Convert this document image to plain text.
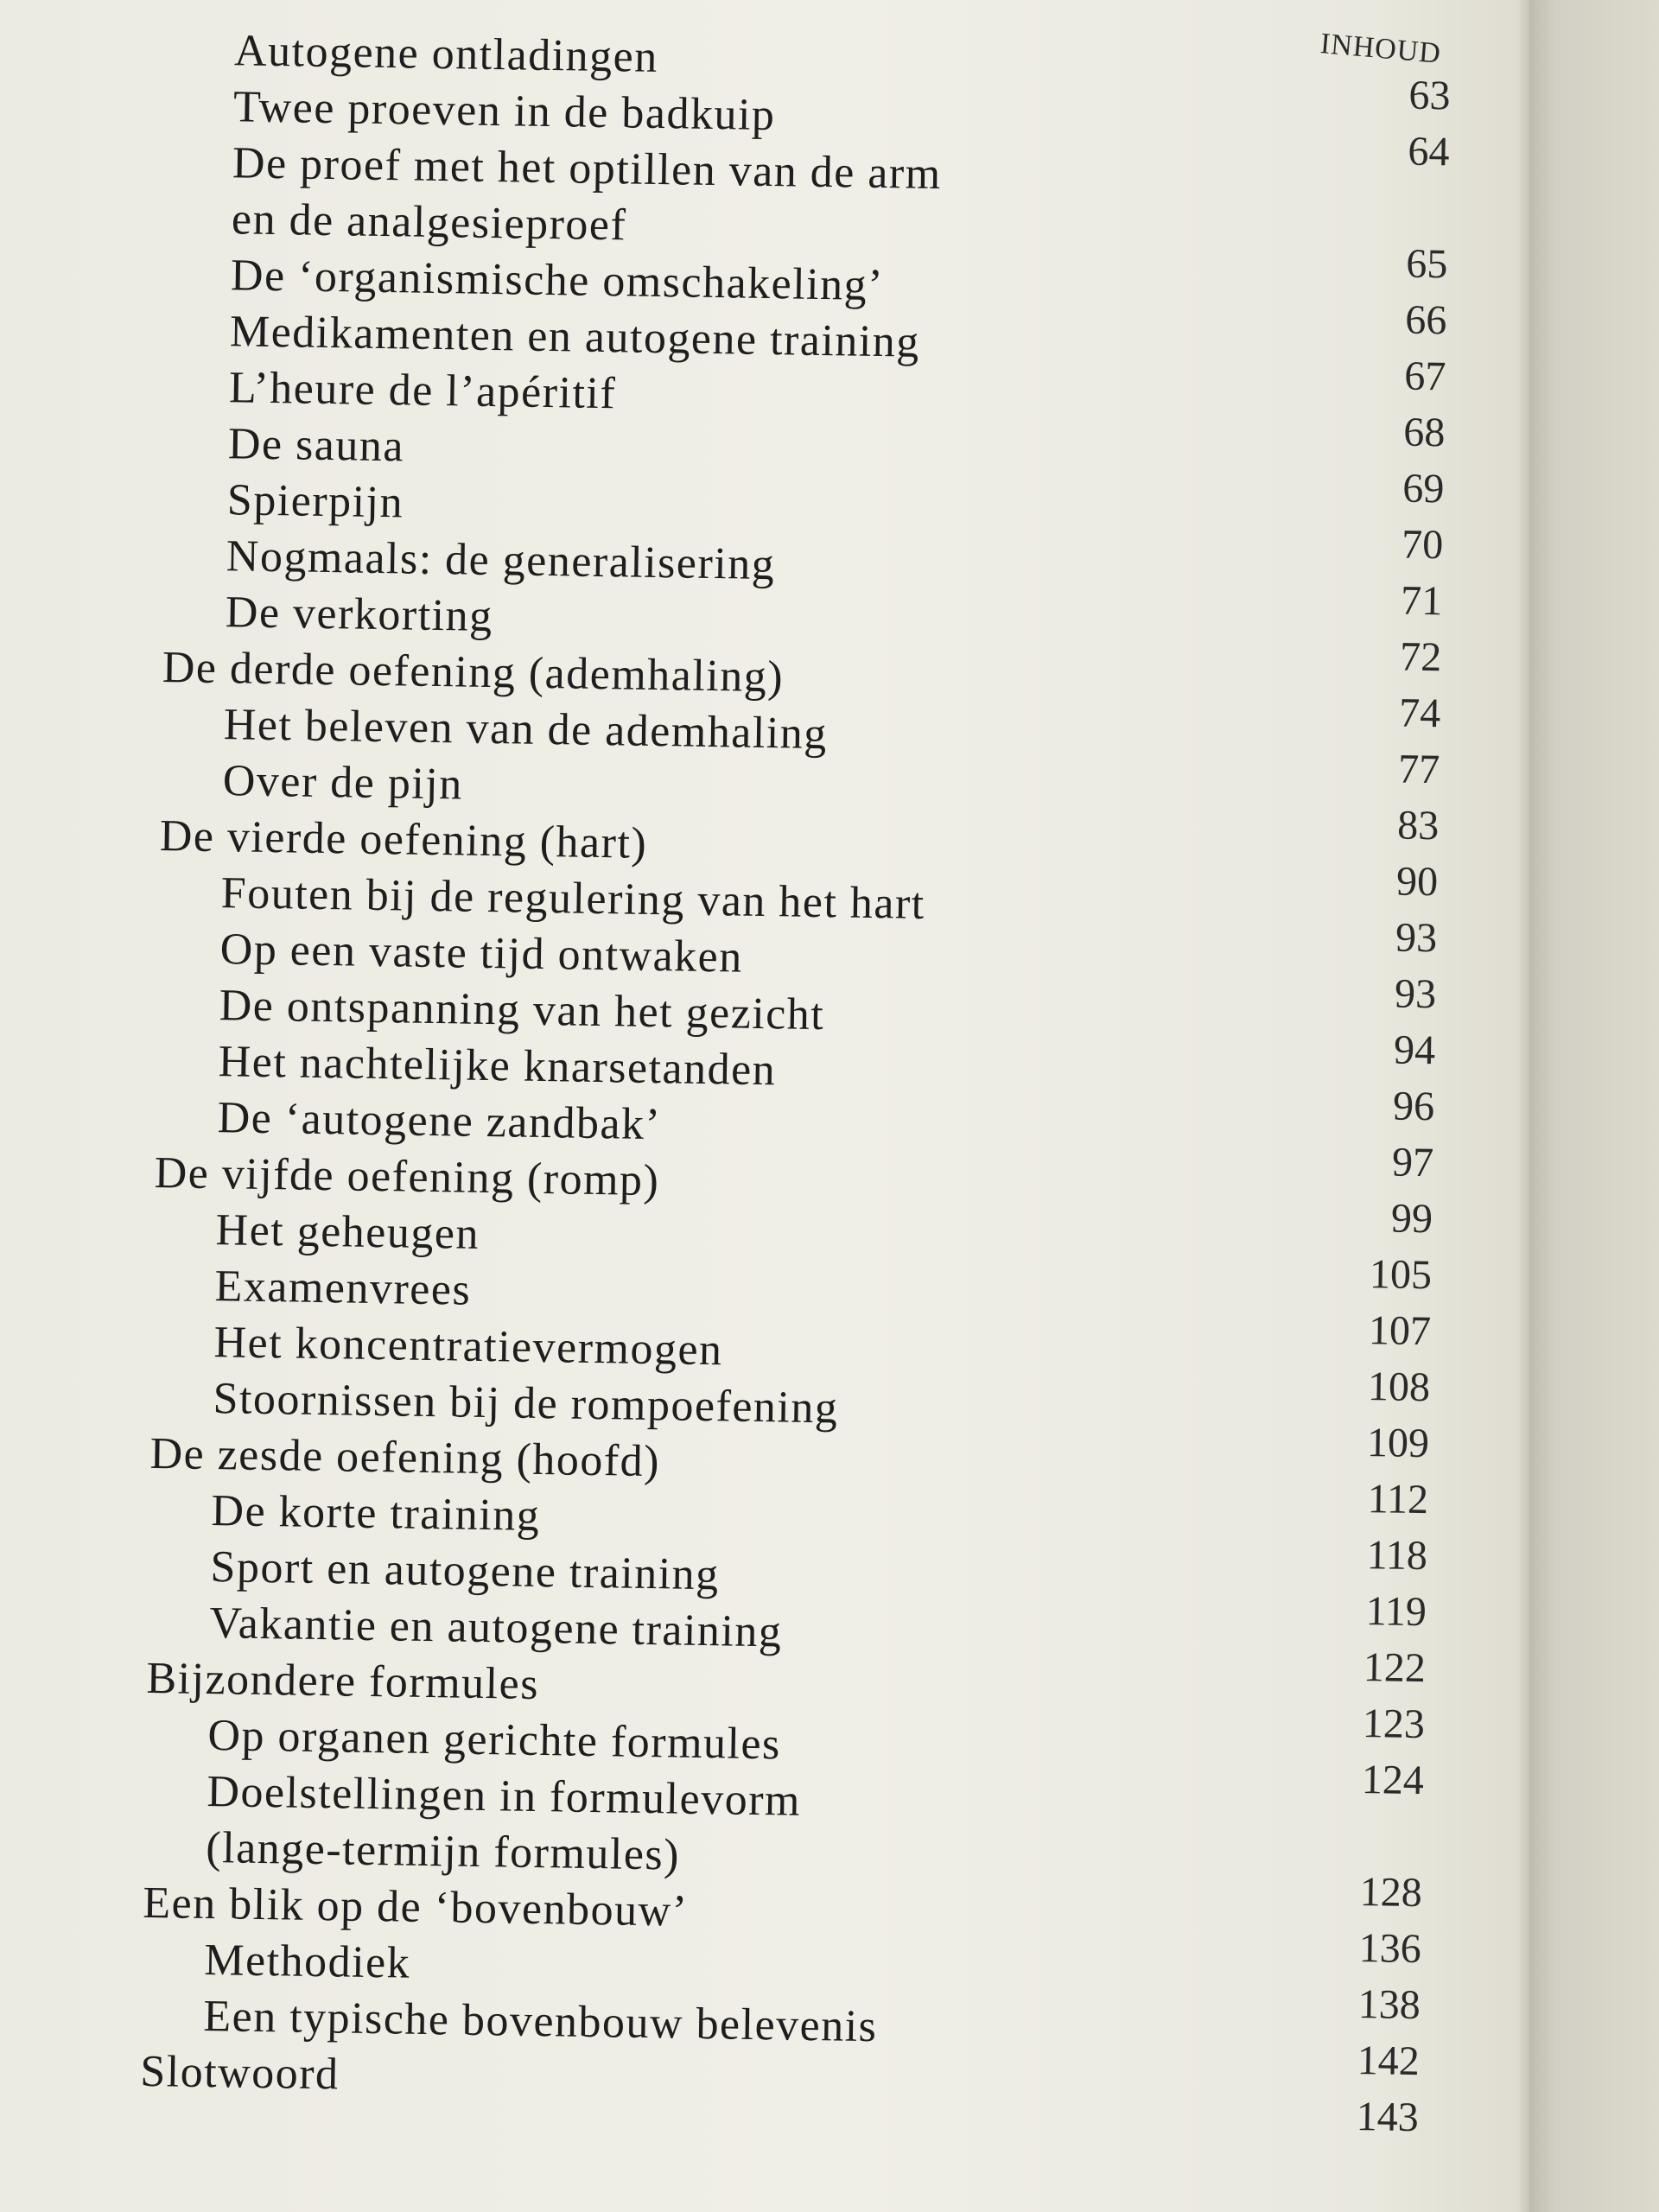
INHOUD
Autogene ontladingen
63
Twee proeven in de badkuip
64
De proef met het optillen van de arm
en de analgesieproef
65
De ‘organismische omschakeling’
66
Medikamenten en autogene training
67
L’heure de l’apéritif
68
De sauna
69
Spierpijn
70
Nogmaals: de generalisering
71
De verkorting
72
De derde oefening (ademhaling)
74
Het beleven van de ademhaling
77
Over de pijn
83
De vierde oefening (hart)
90
Fouten bij de regulering van het hart
93
Op een vaste tijd ontwaken
93
De ontspanning van het gezicht
94
Het nachtelijke knarsetanden
96
De ‘autogene zandbak’
97
De vijfde oefening (romp)
99
Het geheugen
105
Examenvrees
107
Het koncentratievermogen
108
Stoornissen bij de rompoefening
109
De zesde oefening (hoofd)
112
De korte training
118
Sport en autogene training
119
Vakantie en autogene training
122
Bijzondere formules
123
Op organen gerichte formules
124
Doelstellingen in formulevorm
(lange-termijn formules)
128
Een blik op de ‘bovenbouw’
136
Methodiek
138
Een typische bovenbouw belevenis
142
Slotwoord
143
